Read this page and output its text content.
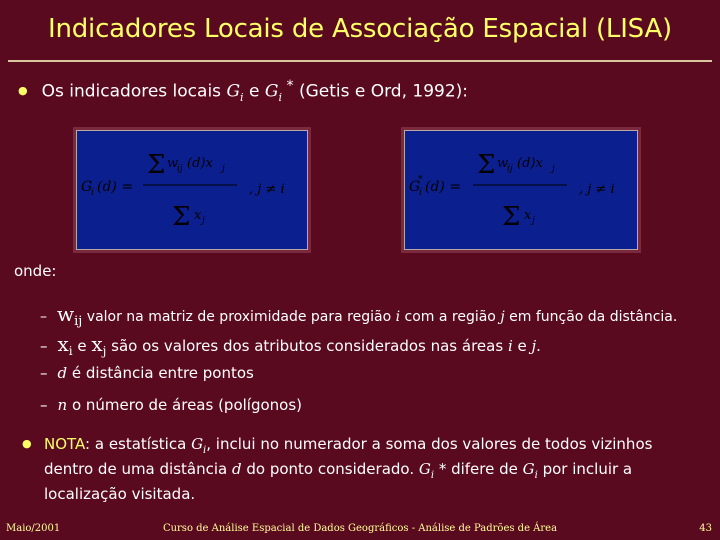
Indicadores Locais de Associação Espacial (LISA)
● Os indicadores locais $G_i$ e $G_i$ * (Getis e Ord, 1992):
Σ w
ij (d)x j
G
i (d) =
Σ x j
, j ≠ i
Σ w
ij (d)x j
G
*
i (d) =
Σ x j
, j ≠ i
onde:
– $w_{ij}$ valor na matriz de proximidade para região i com a região j em função da distância.
– $x_i$ e $x_j$ são os valores dos atributos considerados nas áreas i e j.
– d é distância entre pontos
– n o número de áreas (polígonos)
● NOTA: a estatística $G_i$, inclui no numerador a soma dos valores de todos vizinhos dentro de uma distância d do ponto considerado. $G_i$ * difere de $G_i$ por incluir a localização visitada.
Maio/2001	Curso de Análise Espacial de Dados Geográficos - Análise de Padrões de Área	43
